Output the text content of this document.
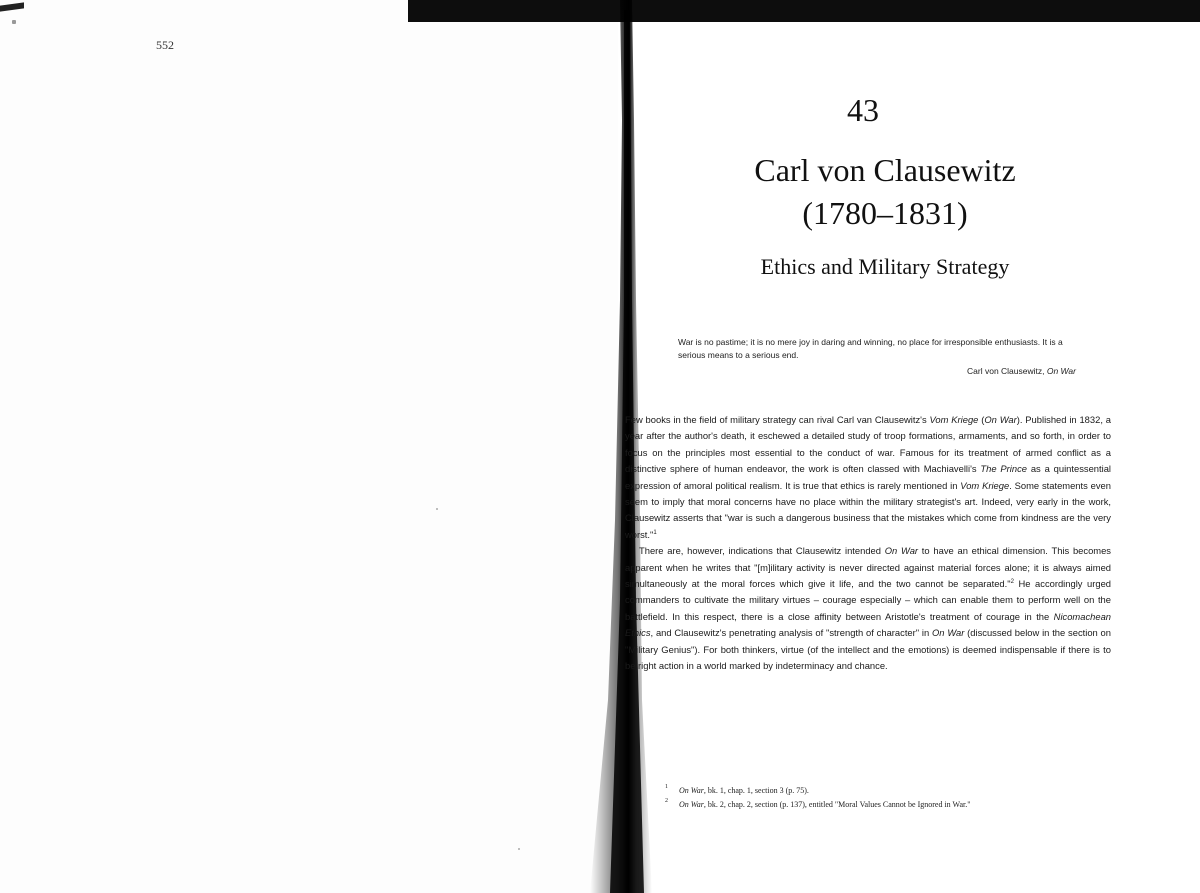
552
43
Carl von Clausewitz
(1780–1831)
Ethics and Military Strategy
War is no pastime; it is no mere joy in daring and winning, no place for irresponsible enthusiasts. It is a serious means to a serious end.
Carl von Clausewitz, On War

Few books in the field of military strategy can rival Carl van Clausewitz's Vom Kriege (On War). Published in 1832, a year after the author's death, it eschewed a detailed study of troop formations, armaments, and so forth, in order to focus on the principles most essential to the conduct of war. Famous for its treatment of armed conflict as a distinctive sphere of human endeavor, the work is often classed with Machiavelli's The Prince as a quintessential expression of amoral political realism. It is true that ethics is rarely mentioned in Vom Kriege. Some statements even seem to imply that moral concerns have no place within the military strategist's art. Indeed, very early in the work, Clausewitz asserts that "war is such a dangerous business that the mistakes which come from kindness are the very worst."$^1$

There are, however, indications that Clausewitz intended On War to have an ethical dimension. This becomes apparent when he writes that "[m]ilitary activity is never directed against material forces alone; it is always aimed simultaneously at the moral forces which give it life, and the two cannot be separated."$^2$ He accordingly urged commanders to cultivate the military virtues – courage especially – which can enable them to perform well on the battlefield. In this respect, there is a close affinity between Aristotle's treatment of courage in the Nicomachean Ethics, and Clausewitz's penetrating analysis of "strength of character" in On War (discussed below in the section on "Military Genius"). For both thinkers, virtue (of the intellect and the emotions) is deemed indispensable if there is to be right action in a world marked by indeterminacy and chance.

1 On War, bk. 1, chap. 1, section 3 (p. 75).
2 On War, bk. 2, chap. 2, section (p. 137), entitled "Moral Values Cannot be Ignored in War."
